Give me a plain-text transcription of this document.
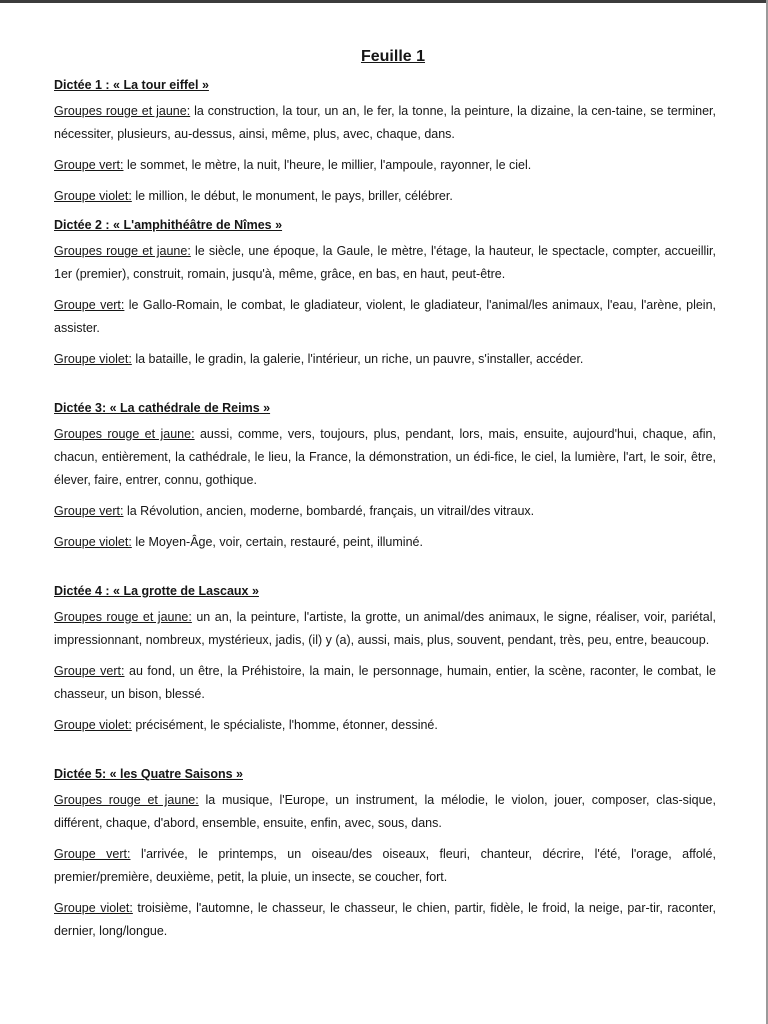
Feuille 1
Dictée 1 : « La tour eiffel »

Groupes rouge et jaune: la construction, la tour, un an, le fer, la tonne, la peinture, la dizaine, la cen-taine, se terminer, nécessiter, plusieurs, au-dessus, ainsi, même, plus, avec, chaque, dans.

Groupe vert: le sommet, le mètre, la nuit, l'heure, le millier, l'ampoule, rayonner, le ciel.

Groupe violet: le million, le début, le monument, le pays, briller, célébrer.

Dictée 2 : « L'amphithéâtre de Nîmes »

Groupes rouge et jaune: le siècle, une époque, la Gaule, le mètre, l'étage, la hauteur, le spectacle, compter, accueillir, 1er (premier), construit, romain, jusqu'à, même, grâce, en bas, en haut, peut-être.

Groupe vert: le Gallo-Romain, le combat, le gladiateur, violent, le gladiateur, l'animal/les animaux, l'eau, l'arène, plein, assister.

Groupe violet: la bataille, le gradin, la galerie, l'intérieur, un riche, un pauvre, s'installer, accéder.

Dictée 3: « La cathédrale de Reims »

Groupes rouge et jaune: aussi, comme, vers, toujours, plus, pendant, lors, mais, ensuite, aujourd'hui, chaque, afin, chacun, entièrement, la cathédrale, le lieu, la France, la démonstration, un édi-fice, le ciel, la lumière, l'art, le soir, être, élever, faire, entrer, connu, gothique.

Groupe vert: la Révolution, ancien, moderne, bombardé, français, un vitrail/des vitraux.

Groupe violet: le Moyen-Âge, voir, certain, restauré, peint, illuminé.

Dictée 4 : « La grotte de Lascaux »

Groupes rouge et jaune: un an, la peinture, l'artiste, la grotte, un animal/des animaux, le signe, réaliser, voir, pariétal, impressionnant, nombreux, mystérieux, jadis, (il) y (a), aussi, mais, plus, souvent, pendant, très, peu, entre, beaucoup.

Groupe vert: au fond, un être, la Préhistoire, la main, le personnage, humain, entier, la scène, raconter, le combat, le chasseur, un bison, blessé.

Groupe violet: précisément, le spécialiste, l'homme, étonner, dessiné.

Dictée 5: « les Quatre Saisons »

Groupes rouge et jaune: la musique, l'Europe, un instrument, la mélodie, le violon, jouer, composer, clas-sique, différent, chaque, d'abord, ensemble, ensuite, enfin, avec, sous, dans.

Groupe vert: l'arrivée, le printemps, un oiseau/des oiseaux, fleuri, chanteur, décrire, l'été, l'orage, affolé, premier/première, deuxième, petit, la pluie, un insecte, se coucher, fort.

Groupe violet: troisième, l'automne, le chasseur, le chasseur, le chien, partir, fidèle, le froid, la neige, par-tir, raconter, dernier, long/longue.
